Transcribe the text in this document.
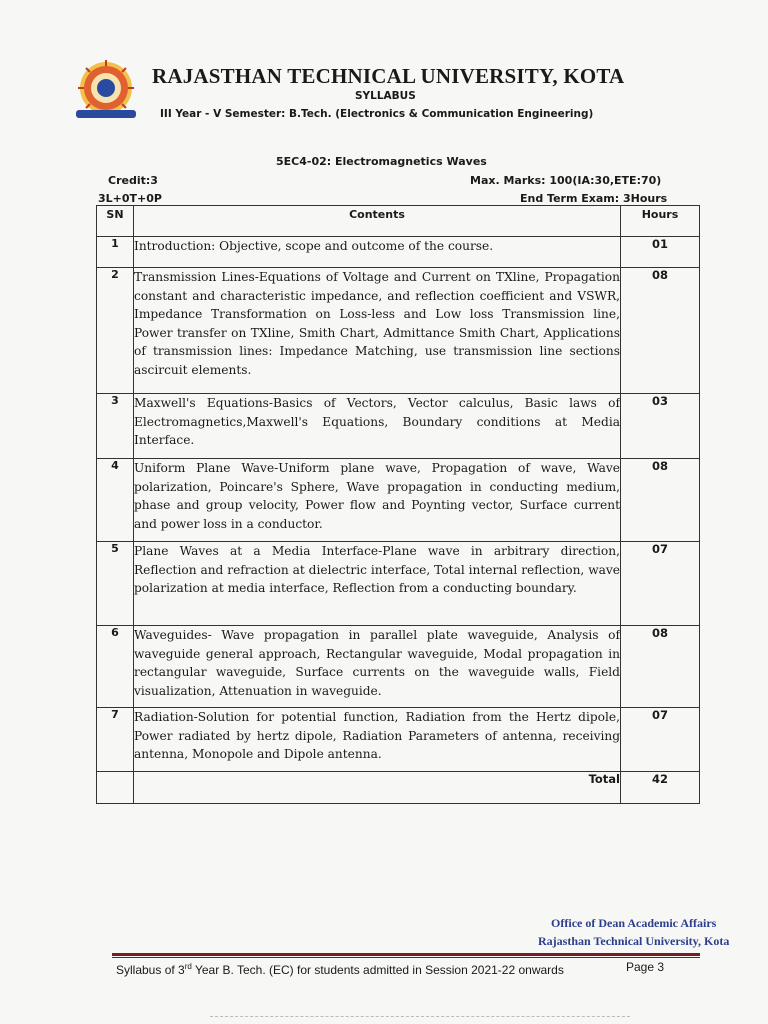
RAJASTHAN TECHNICAL UNIVERSITY, KOTA
SYLLABUS
III Year - V Semester: B.Tech. (Electronics & Communication Engineering)
5EC4-02: Electromagnetics Waves
Credit:3
3L+0T+0P
Max. Marks: 100(IA:30,ETE:70)
End Term Exam: 3Hours
SN	Contents	Hours
1	Introduction: Objective, scope and outcome of the course.	01
2	Transmission Lines-Equations of Voltage and Current on TXline, Propagation constant and characteristic impedance, and reflection coefficient and VSWR, Impedance Transformation on Loss-less and Low loss Transmission line, Power transfer on TXline, Smith Chart, Admittance Smith Chart, Applications of transmission lines: Impedance Matching, use transmission line sections ascircuit elements.	08
3	Maxwell's Equations-Basics of Vectors, Vector calculus, Basic laws of Electromagnetics,Maxwell's Equations, Boundary conditions at Media Interface.	03
4	Uniform Plane Wave-Uniform plane wave, Propagation of wave, Wave polarization, Poincare's Sphere, Wave propagation in conducting medium, phase and group velocity, Power flow and Poynting vector, Surface current and power loss in a conductor.	08
5	Plane Waves at a Media Interface-Plane wave in arbitrary direction, Reflection and refraction at dielectric interface, Total internal reflection, wave polarization at media interface, Reflection from a conducting boundary.	07
6	Waveguides- Wave propagation in parallel plate waveguide, Analysis of waveguide general approach, Rectangular waveguide, Modal propagation in rectangular waveguide, Surface currents on the waveguide walls, Field visualization, Attenuation in waveguide.	08
7	Radiation-Solution for potential function, Radiation from the Hertz dipole, Power radiated by hertz dipole, Radiation Parameters of antenna, receiving antenna, Monopole and Dipole antenna.	07
	Total	42
Office of Dean Academic Affairs
Rajasthan Technical University, Kota
Syllabus of 3rd Year B. Tech. (EC) for students admitted in Session 2021-22 onwards	Page 3
